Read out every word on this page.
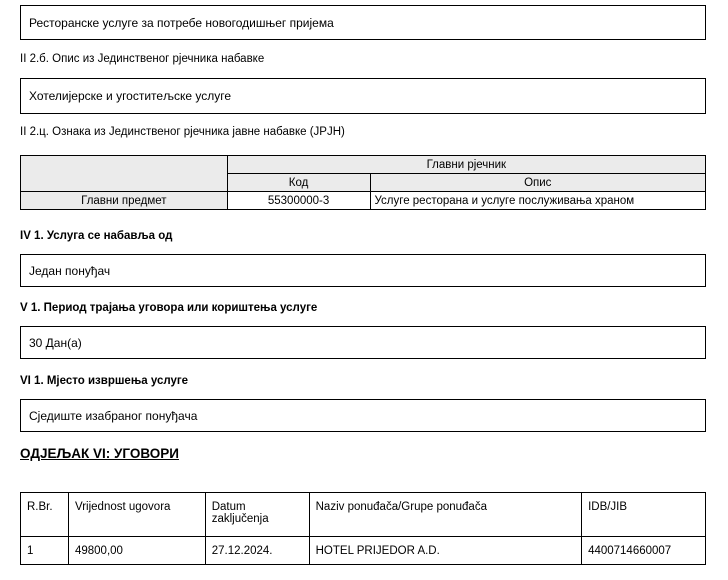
Ресторанске услуге за потребе новогодишњег пријема
II 2.б. Опис из Јединственог рјечника набавке
Хотелијерске и угоститељске услуге
II 2.ц. Ознака из Јединственог рјечника јавне набавке (JPJH)
	Главни рјечник	
	Код	Опис
Главни предмет	55300000-3	Услуге ресторана и услуге послуживања храном
IV 1. Услуга се набавља од
Један понуђач
V 1. Период трајања уговора или кориштења услуге
30 Дан(а)
VI 1. Мјесто извршења услуге
Сједиште изабраног понуђача
ОДЈЕЉАК VI: УГОВОРИ
R.Br.	Vrijednost ugovora	Datum zaključenja	Naziv ponuđača/Grupe ponuđača	IDB/JIB
1	49800,00	27.12.2024.	HOTEL PRIJEDOR A.D.	4400714660007
